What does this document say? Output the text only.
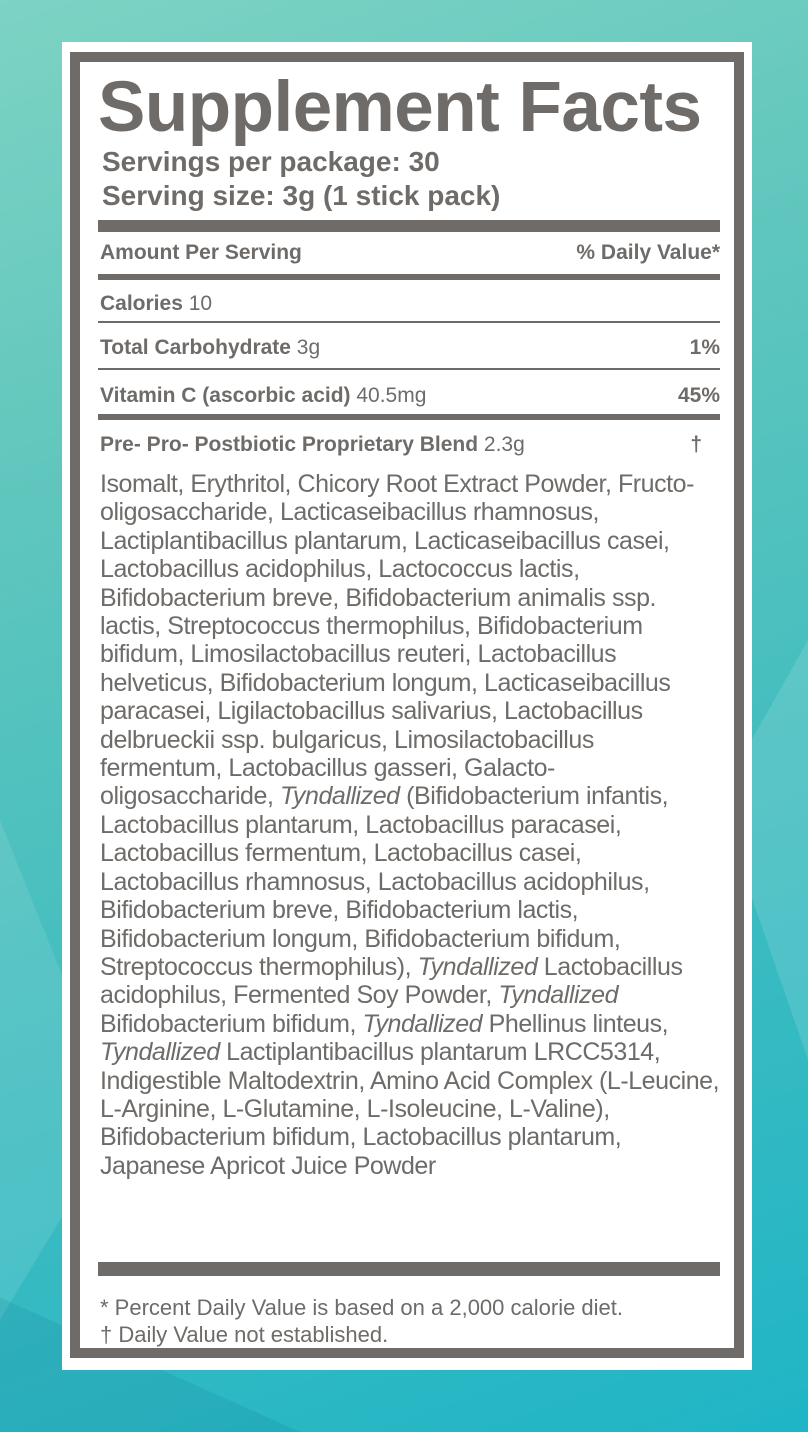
Supplement Facts
Servings per package: 30
Serving size: 3g (1 stick pack)
Amount Per Serving	% Daily Value*
Calories 10
Total Carbohydrate 3g	1%
Vitamin C (ascorbic acid) 40.5mg	45%
Pre- Pro- Postbiotic Proprietary Blend 2.3g	†

Isomalt, Erythritol, Chicory Root Extract Powder, Fructo-oligosaccharide, Lacticaseibacillus rhamnosus, Lactiplantibacillus plantarum, Lacticaseibacillus casei, Lactobacillus acidophilus, Lactococcus lactis, Bifidobacterium breve, Bifidobacterium animalis ssp. lactis, Streptococcus thermophilus, Bifidobacterium bifidum, Limosilactobacillus reuteri, Lactobacillus helveticus, Bifidobacterium longum, Lacticaseibacillus paracasei, Ligilactobacillus salivarius, Lactobacillus delbrueckii ssp. bulgaricus, Limosilactobacillus fermentum, Lactobacillus gasseri, Galacto-oligosaccharide, Tyndallized (Bifidobacterium infantis, Lactobacillus plantarum, Lactobacillus paracasei, Lactobacillus fermentum, Lactobacillus casei, Lactobacillus rhamnosus, Lactobacillus acidophilus, Bifidobacterium breve, Bifidobacterium lactis, Bifidobacterium longum, Bifidobacterium bifidum, Streptococcus thermophilus), Tyndallized Lactobacillus acidophilus, Fermented Soy Powder, Tyndallized Bifidobacterium bifidum, Tyndallized Phellinus linteus, Tyndallized Lactiplantibacillus plantarum LRCC5314, Indigestible Maltodextrin, Amino Acid Complex (L-Leucine, L-Arginine, L-Glutamine, L-Isoleucine, L-Valine), Bifidobacterium bifidum, Lactobacillus plantarum, Japanese Apricot Juice Powder

* Percent Daily Value is based on a 2,000 calorie diet.
† Daily Value not established.
